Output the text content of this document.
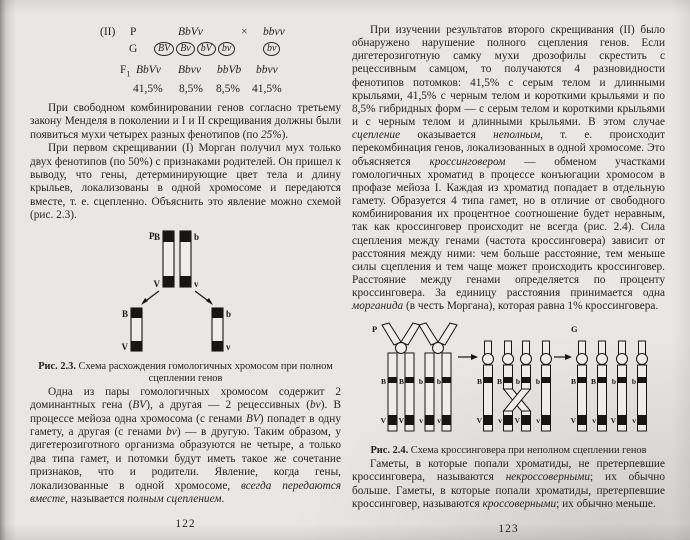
(II) P	BbVv	× bbvv
G	BV	Bv	bV	bv	bv
$F_1$ BbVv Bbvv bbVb bbvv
41,5% 8,5% 8,5% 41,5%

При свободном комбинировании генов согласно третьему закону Менделя в поколении и I и II скрещивания должны были появиться мухи четырех разных фенотипов (по 25%).

При первом скрещивании (I) Морган получил мух только двух фенотипов (по 50%) с признаками родителей. Он пришел к выводу, что гены, детерминирующие цвет тела и длину крыльев, локализованы в одной хромосоме и передаются вместе, т. е. сцепленно. Объяснить это явление можно схемой (рис. 2.3).

P B	b
V	v
B
V
b
v
Рис. 2.3. Схема расхождения гомологичных хромосом при полном сцеплении генов

Одна из пары гомологичных хромосом содержит 2 доминантных гена (BV), а другая — 2 рецессивных (bv). В процессе мейоза одна хромосома (с генами BV) попадет в одну гамету, а другая (с генами bv) — в другую. Таким образом, у дигетерозиготного организма образуются не четыре, а только два типа гамет, и потомки будут иметь такое же сочетание признаков, что и родители. Явление, когда гены, локализованные в одной хромосоме, всегда передаются вместе, называется полным сцеплением.

122

При изучении результатов второго скрещивания (II) было обнаружено нарушение полного сцепления генов. Если дигетерозиготную самку мухи дрозофилы скрестить с рецессивным самцом, то получаются 4 разновидности фенотипов потомков: 41,5% с серым телом и длинными крыльями, 41,5% с черным телом и короткими крыльями и по 8,5% гибридных форм — с серым телом и короткими крыльями и с черным телом и длинными крыльями. В этом случае сцепление оказывается неполным, т. е. происходит перекомбинация генов, локализованных в одной хромосоме. Это объясняется кроссинговером — обменом участками гомологичных хроматид в процессе конъюгации хромосом в профазе мейоза I. Каждая из хроматид попадает в отдельную гамету. Образуется 4 типа гамет, но в отличие от свободного комбинирования их процентное соотношение будет неравным, так как кроссинговер происходит не всегда (рис. 2.4). Сила сцепления между генами (частота кроссинговера) зависит от расстояния между ними: чем больше расстояние, тем меньше силы сцепления и тем чаще может происходить кроссинговер. Расстояние между генами определяется по проценту кроссинговера. За единицу расстояния принимается одна морганида (в честь Моргана), которая равна 1% кроссинговера.

P	G
B B b b
V V v v
B B b b
V v V v
B B b b
V v V v
Рис. 2.4. Схема кроссинговера при неполном сцеплении генов

Гаметы, в которые попали хроматиды, не претерпевшие кроссинговера, называются некроссоверными; их обычно больше. Гаметы, в которые попали хроматиды, претерпевшие кроссинговер, называются кроссоверными; их обычно меньше.

123
